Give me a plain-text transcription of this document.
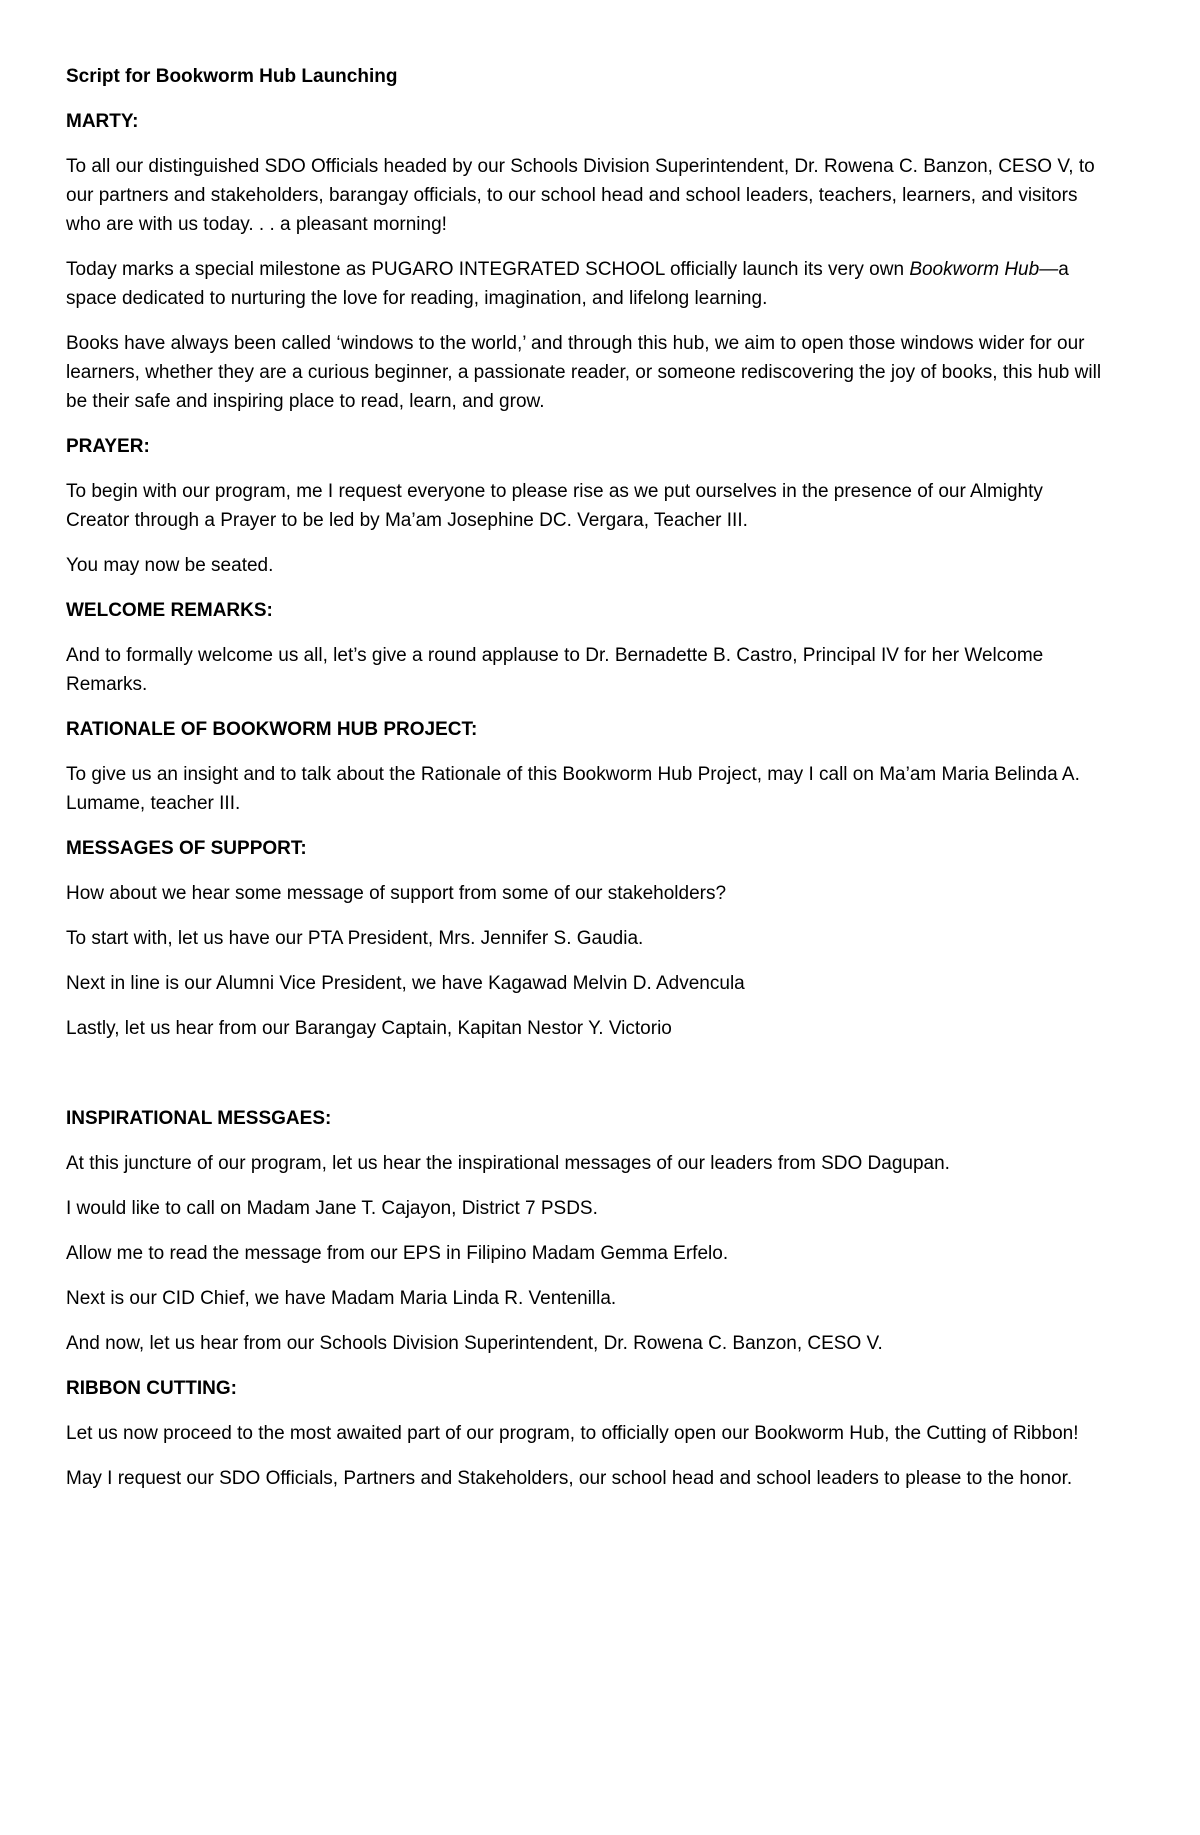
Script for Bookworm Hub Launching
MARTY:

To all our distinguished SDO Officials headed by our Schools Division Superintendent, Dr. Rowena C. Banzon, CESO V, to our partners and stakeholders, barangay officials, to our school head and school leaders, teachers, learners, and visitors who are with us today. . . a pleasant morning!

Today marks a special milestone as PUGARO INTEGRATED SCHOOL officially launch its very own Bookworm Hub—a space dedicated to nurturing the love for reading, imagination, and lifelong learning.

Books have always been called ‘windows to the world,’ and through this hub, we aim to open those windows wider for our learners, whether they are a curious beginner, a passionate reader, or someone rediscovering the joy of books, this hub will be their safe and inspiring place to read, learn, and grow.

PRAYER:

To begin with our program, me I request everyone to please rise as we put ourselves in the presence of our Almighty Creator through a Prayer to be led by Ma’am Josephine DC. Vergara, Teacher III.

You may now be seated.

WELCOME REMARKS:

And to formally welcome us all, let’s give a round applause to Dr. Bernadette B. Castro, Principal IV for her Welcome Remarks.

RATIONALE OF BOOKWORM HUB PROJECT:

To give us an insight and to talk about the Rationale of this Bookworm Hub Project, may I call on Ma’am Maria Belinda A. Lumame, teacher III.

MESSAGES OF SUPPORT:

How about we hear some message of support from some of our stakeholders?

To start with, let us have our PTA President, Mrs. Jennifer S. Gaudia.

Next in line is our Alumni Vice President, we have Kagawad Melvin D. Advencula

Lastly, let us hear from our Barangay Captain, Kapitan Nestor Y. Victorio

INSPIRATIONAL MESSGAES:

At this juncture of our program, let us hear the inspirational messages of our leaders from SDO Dagupan.

I would like to call on Madam Jane T. Cajayon, District 7 PSDS.

Allow me to read the message from our EPS in Filipino Madam Gemma Erfelo.

Next is our CID Chief, we have Madam Maria Linda R. Ventenilla.

And now, let us hear from our Schools Division Superintendent, Dr. Rowena C. Banzon, CESO V.

RIBBON CUTTING:

Let us now proceed to the most awaited part of our program, to officially open our Bookworm Hub, the Cutting of Ribbon!

May I request our SDO Officials, Partners and Stakeholders, our school head and school leaders to please to the honor.
